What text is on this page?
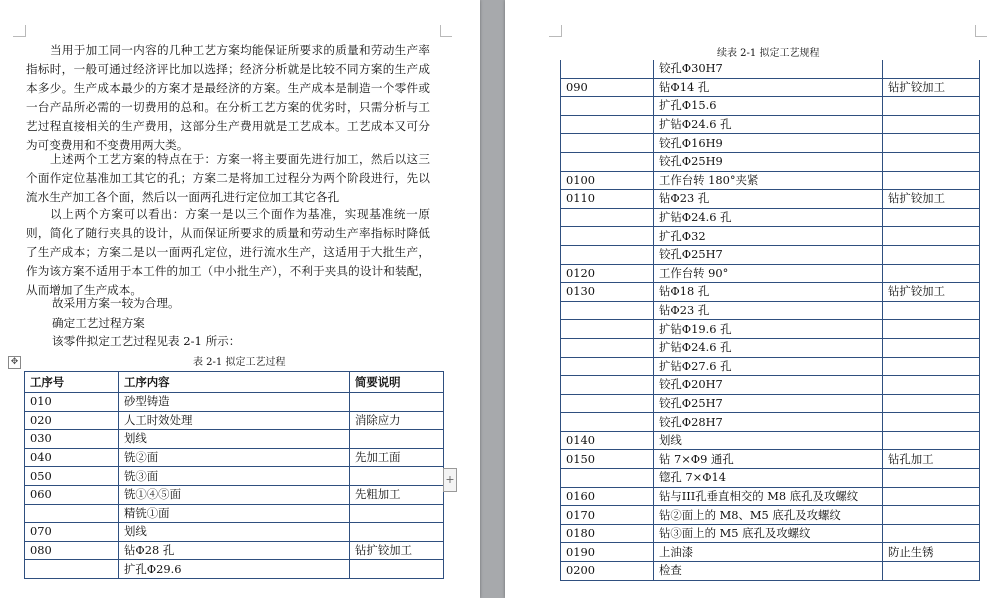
当用于加工同一内容的几种工艺方案均能保证所要求的质量和劳动生产率指标时，一般可通过经济评比加以选择；经济分析就是比较不同方案的生产成本多少。生产成本最少的方案才是最经济的方案。生产成本是制造一个零件或一台产品所必需的一切费用的总和。在分析工艺方案的优劣时，只需分析与工艺过程直接相关的生产费用，这部分生产费用就是工艺成本。工艺成本又可分为可变费用和不变费用两大类。

上述两个工艺方案的特点在于：方案一将主要面先进行加工，然后以这三个面作定位基准加工其它的孔；方案二是将加工过程分为两个阶段进行，先以流水生产加工各个面，然后以一面两孔进行定位加工其它各孔

以上两个方案可以看出：方案一是以三个面作为基准，实现基准统一原则，简化了随行夹具的设计，从而保证所要求的质量和劳动生产率指标时降低了生产成本；方案二是以一面两孔定位，进行流水生产，这适用于大批生产，作为该方案不适用于本工件的加工（中小批生产），不利于夹具的设计和装配，从而增加了生产成本。

故采用方案一较为合理。
确定工艺过程方案
该零件拟定工艺过程见表 2-1 所示：
✥	表 2-1 拟定工艺过程
工序号	工序内容	简要说明
010	砂型铸造	
020	人工时效处理	消除应力
030	划线	
040	铣②面	先加工面
050	铣③面	
060	铣①④⑤面	先粗加工
	精铣①面	
070	划线	
080	钻Φ28 孔	钻扩铰加工
	扩孔Φ29.6	
+
续表 2-1 拟定工艺规程
	铰孔Φ30H7	
090	钻Φ14 孔	钻扩铰加工
	扩孔Φ15.6	
	扩钻Φ24.6 孔	
	铰孔Φ16H9	
	铰孔Φ25H9	
0100	工作台转 180°夹紧	
0110	钻Φ23 孔	钻扩铰加工
	扩钻Φ24.6 孔	
	扩孔Φ32	
	铰孔Φ25H7	
0120	工作台转 90°	
0130	钻Φ18 孔	钻扩铰加工
	钻Φ23 孔	
	扩钻Φ19.6 孔	
	扩钻Φ24.6 孔	
	扩钻Φ27.6 孔	
	铰孔Φ20H7	
	铰孔Φ25H7	
	铰孔Φ28H7	
0140	划线	
0150	钻 7×Φ9 通孔	钻孔加工
	锪孔 7×Φ14	
0160	钻与III孔垂直相交的 M8 底孔及攻螺纹	
0170	钻②面上的 M8、M5 底孔及攻螺纹	
0180	钻③面上的 M5 底孔及攻螺纹	
0190	上油漆	防止生锈
0200	检查	
